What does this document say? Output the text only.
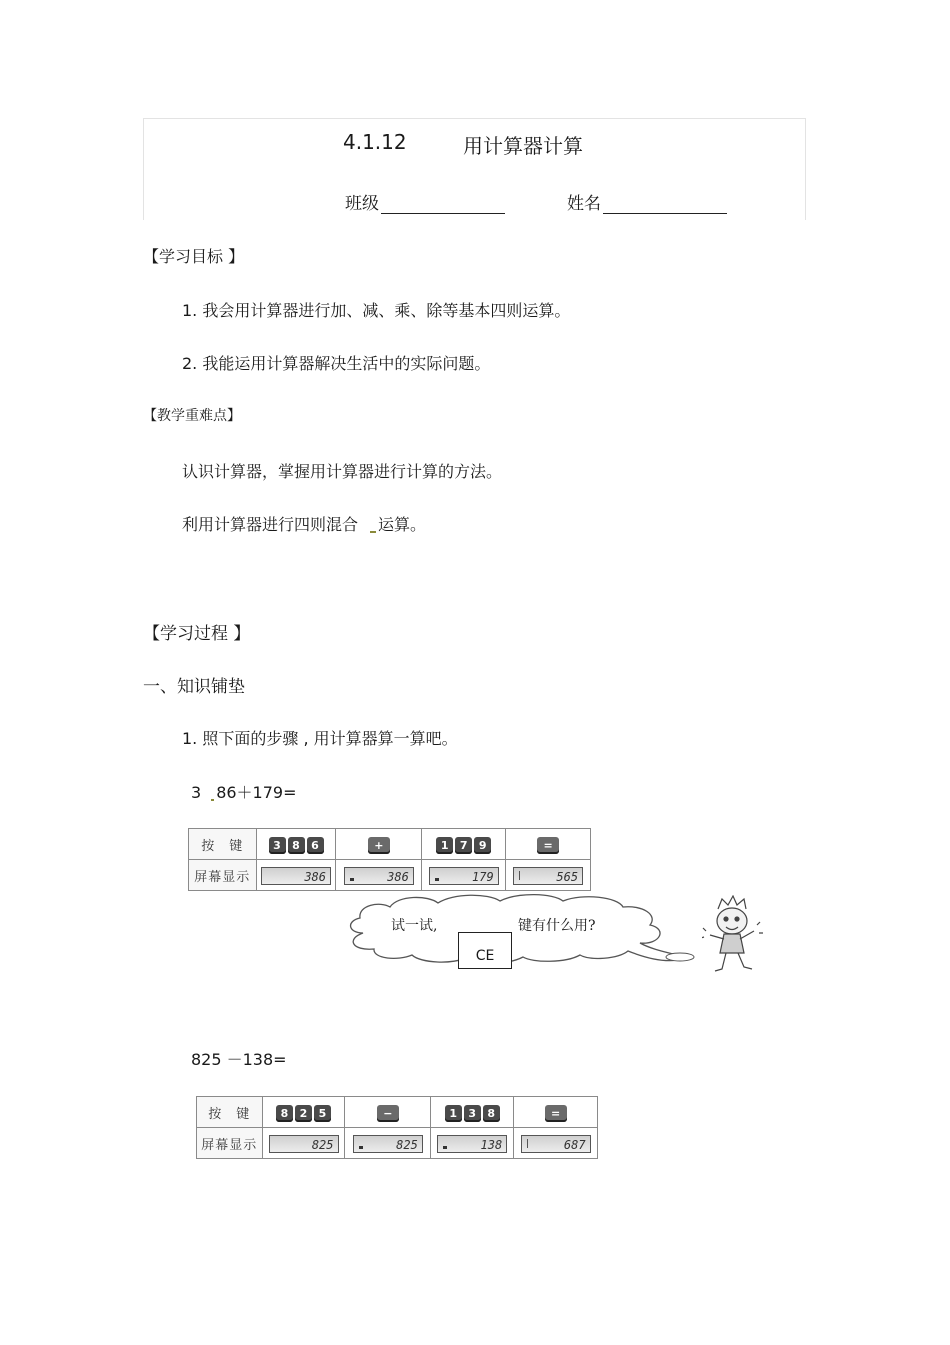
4.1.12	用计算器计算
班级	姓名
【学习目标 】
1. 我会用计算器进行加、减、乘、除等基本四则运算。
2. 我能运用计算器解决生活中的实际问题。
【教学重难点】
认识计算器，掌握用计算器进行计算的方法。
利用计算器进行四则混合 运算。
【学习过程 】
一、知识铺垫
1. 照下面的步骤 , 用计算器算一算吧。
3 86＋179=
按　键	3 8 6	+	1 7 9	=
屏幕显示	386	386	179	565
试一试,	键有什么用?
CE
825 －138=
按　键	8 2 5	−	1 3 8	=
屏幕显示	825	825	138	687
